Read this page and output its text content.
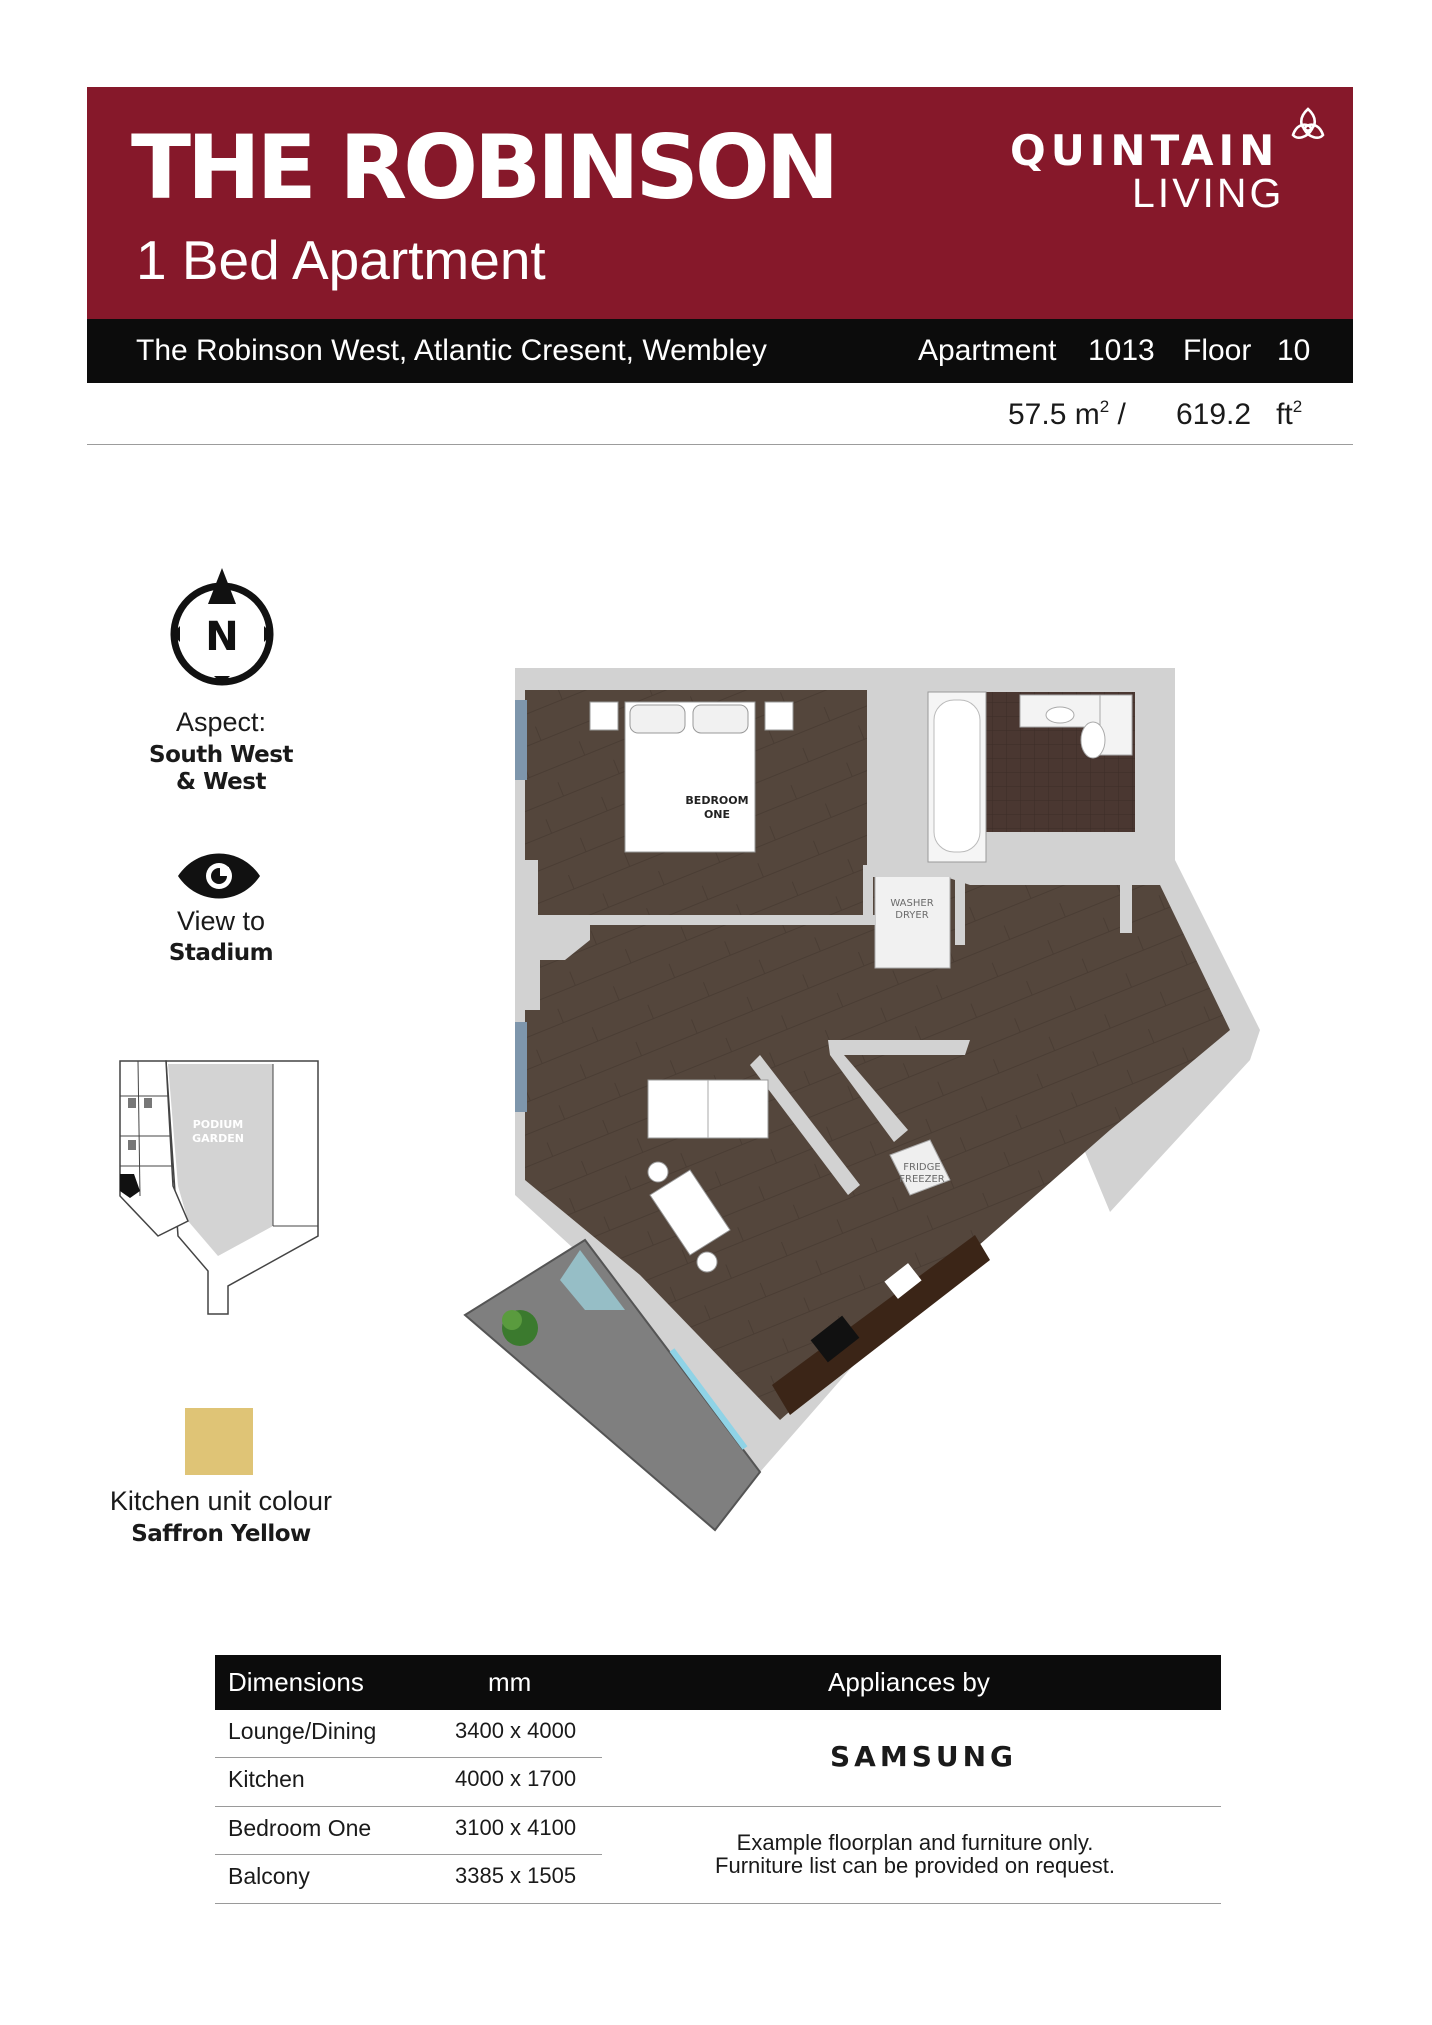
THE ROBINSON
1 Bed Apartment
QUINTAIN
LIVING
The Robinson West, Atlantic Cresent, Wembley	Apartment 1013 Floor 10
57.5 $m^2 / 619.2$ $ft^2$
N
Aspect:
South West
& West
View to
Stadium
PODIUM
GARDEN
Kitchen unit colour
Saffron Yellow
WASHER
DRYER
BEDROOM
ONE
FRIDGE
FREEZER
Dimensions	mm	Appliances by
Lounge/Dining	3400 x 4000
Kitchen	4000 x 1700
Bedroom One	3100 x 4100
Balcony	3385 x 1505
SAMSUNG
Example floorplan and furniture only.
Furniture list can be provided on request.
